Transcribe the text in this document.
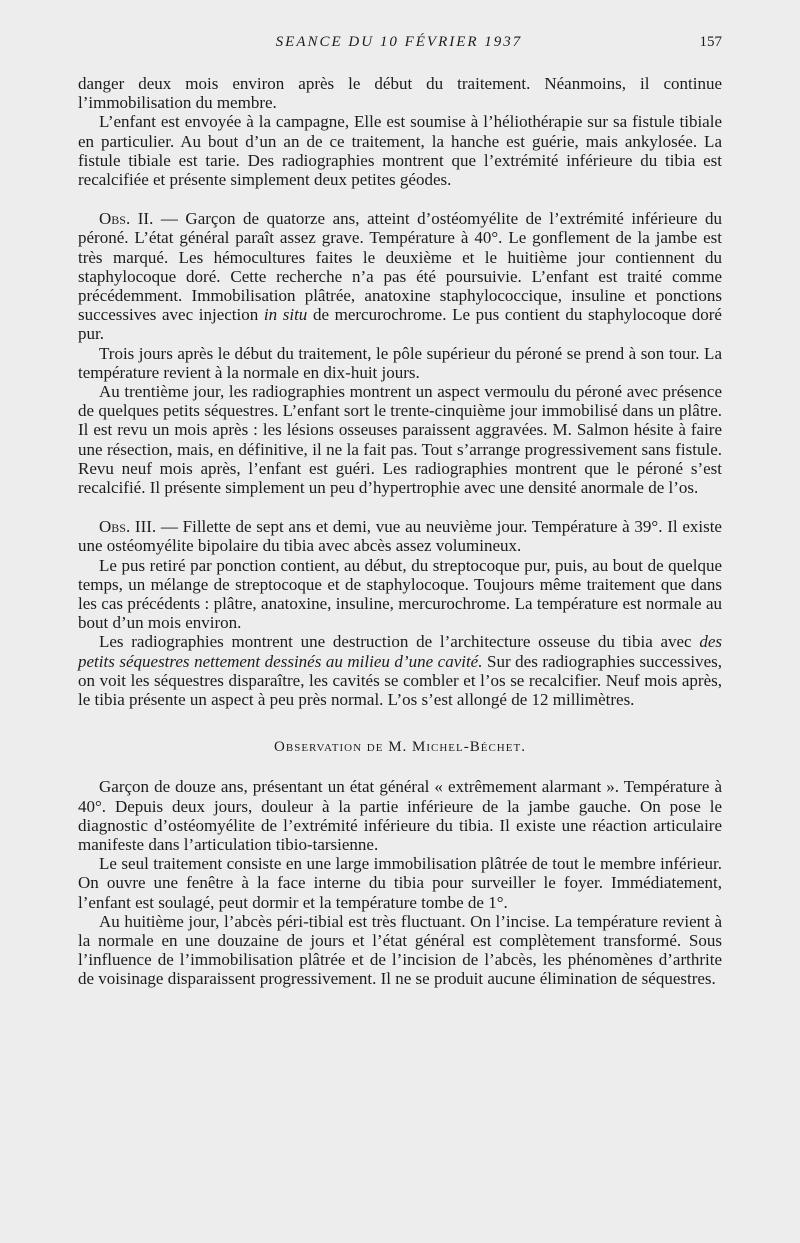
SEANCE DU 10 FÉVRIER 1937	157

danger deux mois environ après le début du traitement. Néanmoins, il continue l’immobilisation du membre.

L’enfant est envoyée à la campagne, Elle est soumise à l’héliothérapie sur sa fistule tibiale en particulier. Au bout d’un an de ce traitement, la hanche est guérie, mais ankylosée. La fistule tibiale est tarie. Des radiographies montrent que l’extrémité inférieure du tibia est recalcifiée et présente simplement deux petites géodes.

Obs. II. — Garçon de quatorze ans, atteint d’ostéomyélite de l’extrémité inférieure du péroné. L’état général paraît assez grave. Température à 40°. Le gonflement de la jambe est très marqué. Les hémocultures faites le deuxième et le huitième jour contiennent du staphylocoque doré. Cette recherche n’a pas été poursuivie. L’enfant est traité comme précédemment. Immobilisation plâtrée, anatoxine staphylococcique, insuline et ponctions successives avec injection in situ de mercurochrome. Le pus contient du staphylocoque doré pur.

Trois jours après le début du traitement, le pôle supérieur du péroné se prend à son tour. La température revient à la normale en dix-huit jours.

Au trentième jour, les radiographies montrent un aspect vermoulu du péroné avec présence de quelques petits séquestres. L’enfant sort le trente-cinquième jour immobilisé dans un plâtre. Il est revu un mois après : les lésions osseuses paraissent aggravées. M. Salmon hésite à faire une résection, mais, en définitive, il ne la fait pas. Tout s’arrange progressivement sans fistule. Revu neuf mois après, l’enfant est guéri. Les radiographies montrent que le péroné s’est recalcifié. Il présente simplement un peu d’hypertrophie avec une densité anormale de l’os.

Obs. III. — Fillette de sept ans et demi, vue au neuvième jour. Température à 39°. Il existe une ostéomyélite bipolaire du tibia avec abcès assez volumineux.

Le pus retiré par ponction contient, au début, du streptocoque pur, puis, au bout de quelque temps, un mélange de streptocoque et de staphylocoque. Toujours même traitement que dans les cas précédents : plâtre, anatoxine, insuline, mercurochrome. La température est normale au bout d’un mois environ.

Les radiographies montrent une destruction de l’architecture osseuse du tibia avec des petits séquestres nettement dessinés au milieu d’une cavité. Sur des radiographies successives, on voit les séquestres disparaître, les cavités se combler et l’os se recalcifier. Neuf mois après, le tibia présente un aspect à peu près normal. L’os s’est allongé de 12 millimètres.

Observation de M. Michel-Béchet.

Garçon de douze ans, présentant un état général « extrêmement alarmant ». Température à 40°. Depuis deux jours, douleur à la partie inférieure de la jambe gauche. On pose le diagnostic d’ostéomyélite de l’extrémité inférieure du tibia. Il existe une réaction articulaire manifeste dans l’articulation tibio-tarsienne.

Le seul traitement consiste en une large immobilisation plâtrée de tout le membre inférieur. On ouvre une fenêtre à la face interne du tibia pour surveiller le foyer. Immédiatement, l’enfant est soulagé, peut dormir et la température tombe de 1°.

Au huitième jour, l’abcès péri-tibial est très fluctuant. On l’incise. La température revient à la normale en une douzaine de jours et l’état général est complètement transformé. Sous l’influence de l’immobilisation plâtrée et de l’incision de l’abcès, les phénomènes d’arthrite de voisinage disparaissent progressivement. Il ne se produit aucune élimination de séquestres.
